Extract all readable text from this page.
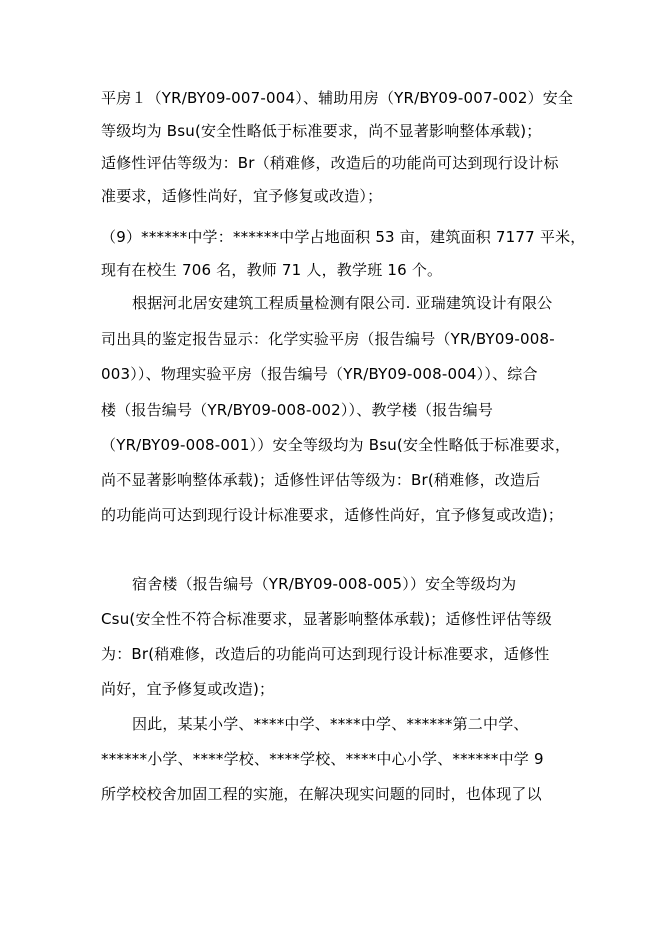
平房１（YR/BY09-007-004）、辅助用房（YR/BY09-007-002）安全
等级均为 Bsu(安全性略低于标准要求，尚不显著影响整体承载)；
适修性评估等级为：Br（稍难修，改造后的功能尚可达到现行设计标
准要求，适修性尚好，宜予修复或改造）；
（9）******中学：******中学占地面积 53 亩，建筑面积 7177 平米，
现有在校生 706 名，教师 71 人，教学班 16 个。
根据河北居安建筑工程质量检测有限公司. 亚瑞建筑设计有限公
司出具的鉴定报告显示：化学实验平房（报告编号（YR/BY09-008-
003））、物理实验平房（报告编号（YR/BY09-008-004））、综合
楼（报告编号（YR/BY09-008-002））、教学楼（报告编号
（YR/BY09-008-001））安全等级均为 Bsu(安全性略低于标准要求，
尚不显著影响整体承载)；适修性评估等级为：Br(稍难修，改造后
的功能尚可达到现行设计标准要求，适修性尚好，宜予修复或改造)；
宿舍楼（报告编号（YR/BY09-008-005））安全等级均为
Csu(安全性不符合标准要求，显著影响整体承载)；适修性评估等级
为：Br(稍难修，改造后的功能尚可达到现行设计标准要求，适修性
尚好，宜予修复或改造)；
因此，某某小学、****中学、****中学、******第二中学、
******小学、****学校、****学校、****中心小学、******中学 9
所学校校舍加固工程的实施，在解决现实问题的同时，也体现了以
